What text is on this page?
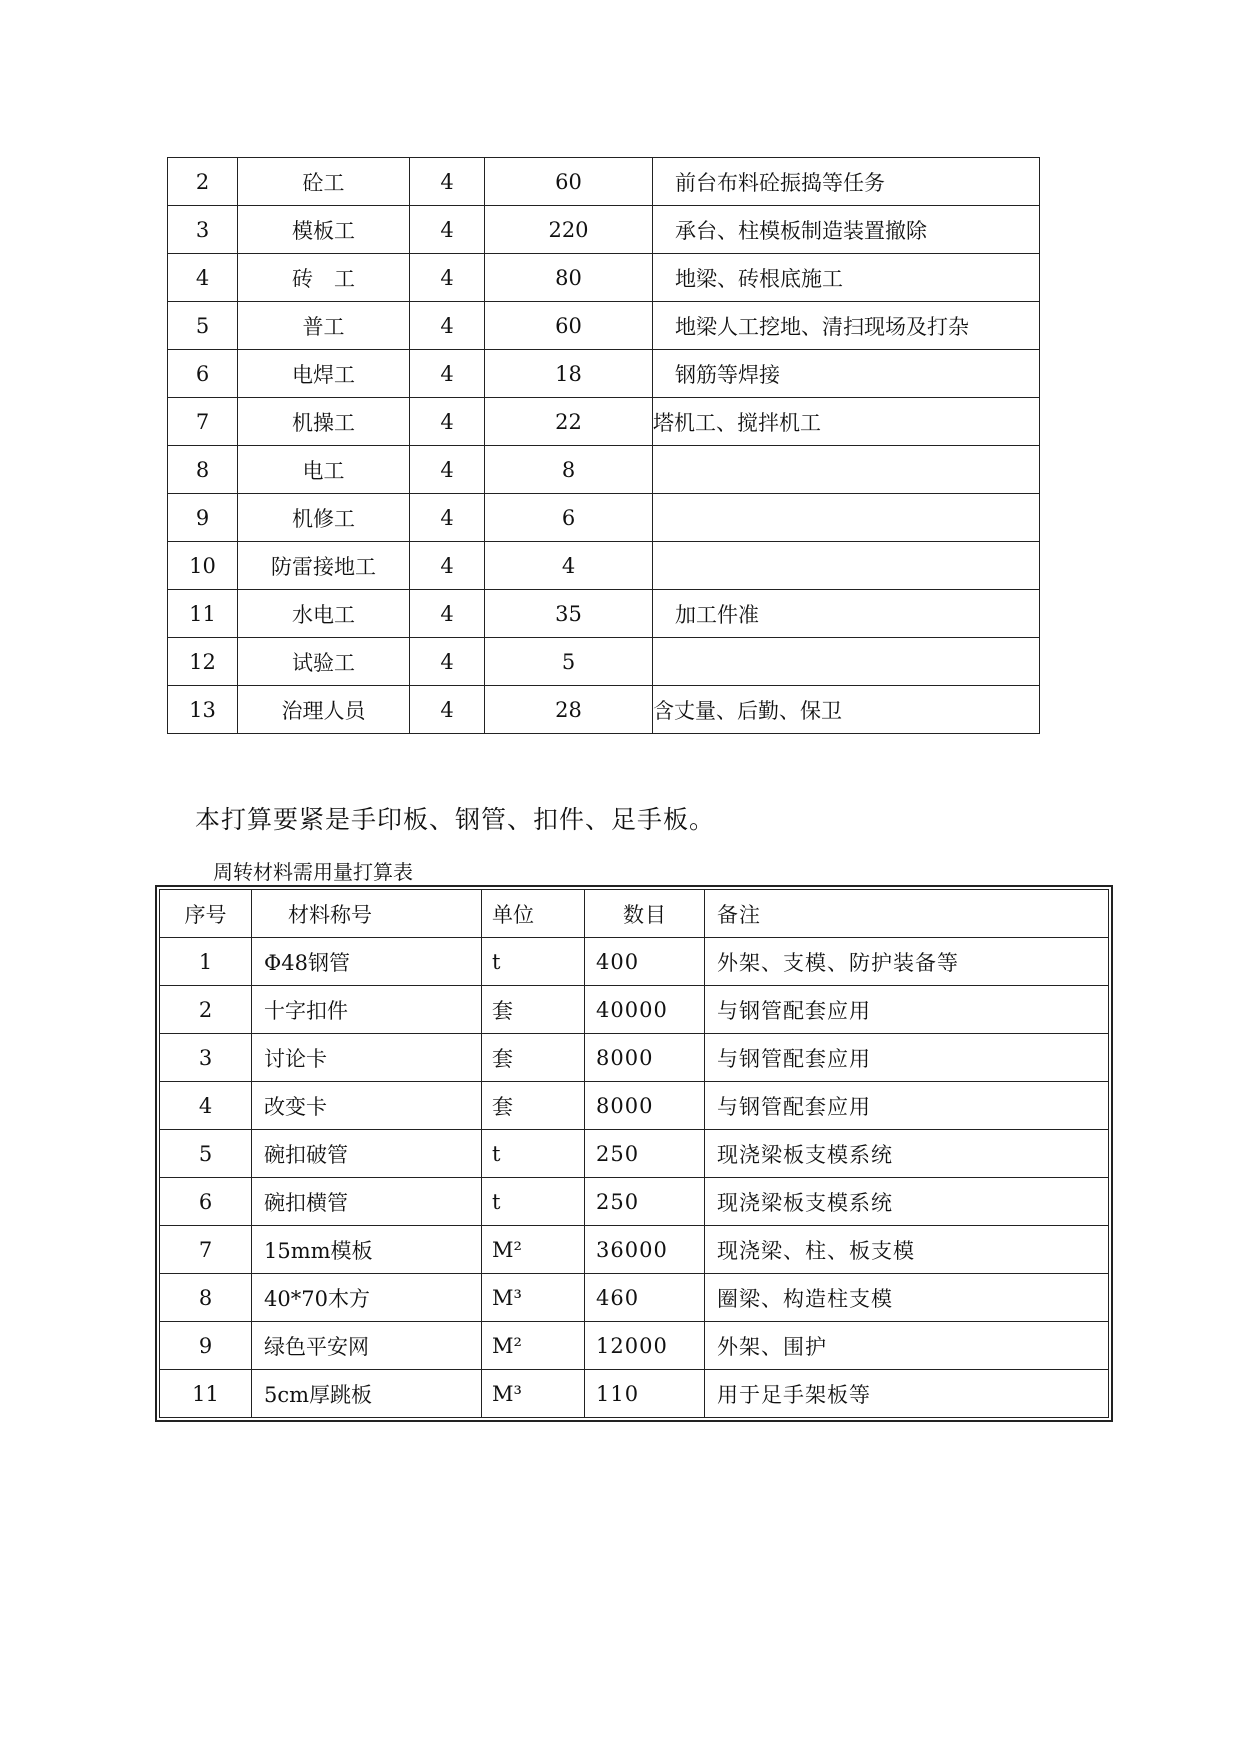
2	砼工	4	60	前台布料砼振捣等任务
3	模板工	4	220	承台、柱模板制造装置撤除
4	砖　工	4	80	地梁、砖根底施工
5	普工	4	60	地梁人工挖地、清扫现场及打杂
6	电焊工	4	18	钢筋等焊接
7	机操工	4	22	塔机工、搅拌机工
8	电工	4	8	
9	机修工	4	6	
10	防雷接地工	4	4	
11	水电工	4	35	加工件准
12	试验工	4	5	
13	治理人员	4	28	含丈量、后勤、保卫
本打算要紧是手印板、钢管、扣件、足手板。
周转材料需用量打算表
序号	材料称号	单位	数目	备注
1	Φ48钢管	t	400	外架、支模、防护装备等
2	十字扣件	套	40000	与钢管配套应用
3	讨论卡	套	8000	与钢管配套应用
4	改变卡	套	8000	与钢管配套应用
5	碗扣破管	t	250	现浇梁板支模系统
6	碗扣横管	t	250	现浇梁板支模系统
7	15mm模板	M²	36000	现浇梁、柱、板支模
8	40*70木方	M³	460	圈梁、构造柱支模
9	绿色平安网	M²	12000	外架、围护
11	5cm厚跳板	M³	110	用于足手架板等
